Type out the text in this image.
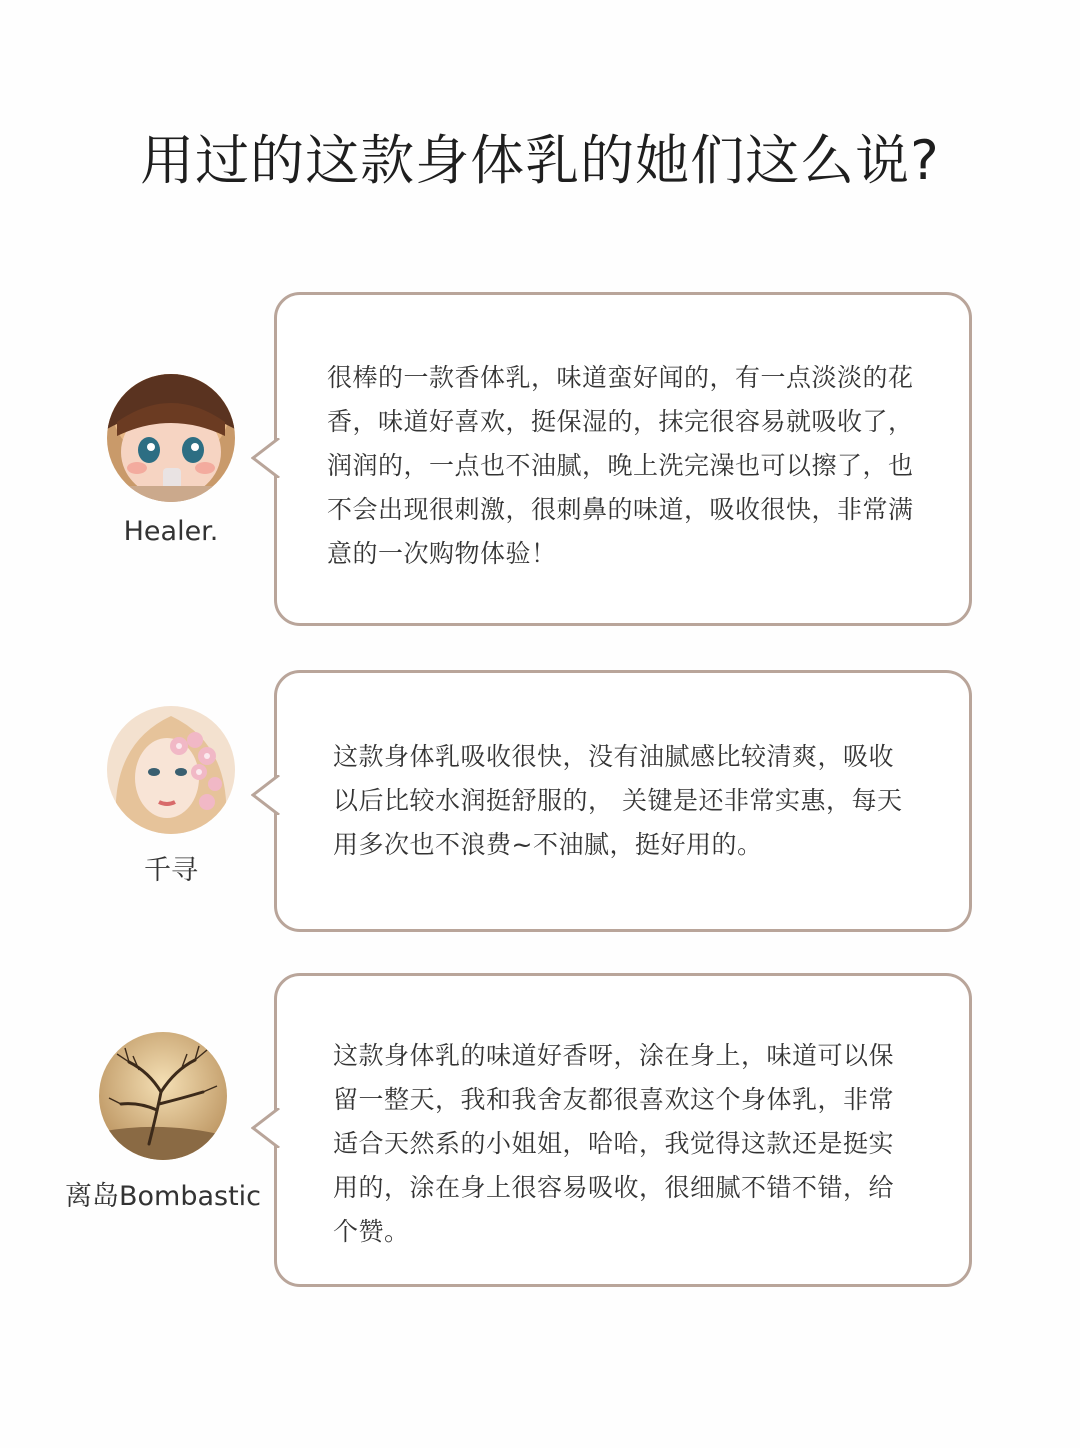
用过的这款身体乳的她们这么说?
Healer.
很棒的一款香体乳，味道蛮好闻的，有一点淡淡的花香，味道好喜欢，挺保湿的，抹完很容易就吸收了，润润的，一点也不油腻，晚上洗完澡也可以擦了，也不会出现很刺激，很刺鼻的味道，吸收很快，非常满意的一次购物体验！
千寻
这款身体乳吸收很快，没有油腻感比较清爽，吸收以后比较水润挺舒服的， 关键是还非常实惠，每天用多次也不浪费~不油腻，挺好用的。
离岛Bombastic
这款身体乳的味道好香呀，涂在身上，味道可以保留一整天，我和我舍友都很喜欢这个身体乳，非常适合天然系的小姐姐，哈哈，我觉得这款还是挺实用的，涂在身上很容易吸收，很细腻不错不错，给个赞。
